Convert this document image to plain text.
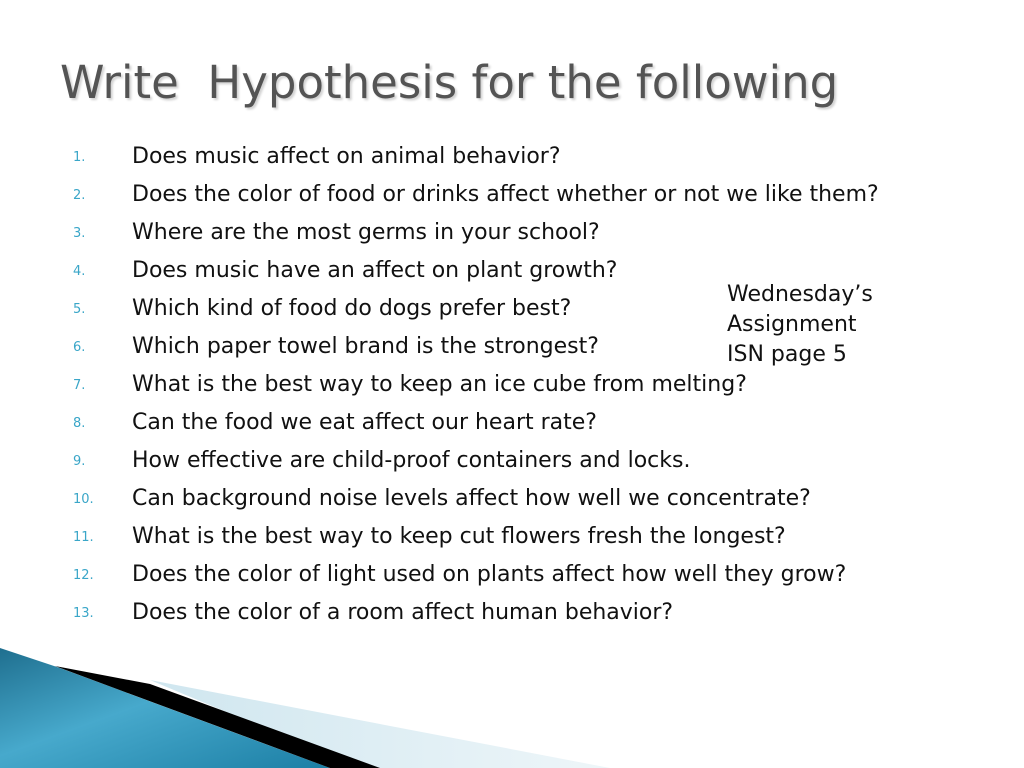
Write  Hypothesis for the following
1. Does music affect on animal behavior?
2. Does the color of food or drinks affect whether or not we like them?
3. Where are the most germs in your school?
4. Does music have an affect on plant growth?
5. Which kind of food do dogs prefer best?
6. Which paper towel brand is the strongest?
7. What is the best way to keep an ice cube from melting?
8. Can the food we eat affect our heart rate?
9. How effective are child-proof containers and locks.
10. Can background noise levels affect how well we concentrate?
11. What is the best way to keep cut flowers fresh the longest?
12. Does the color of light used on plants affect how well they grow?
13. Does the color of a room affect human behavior?
Wednesday’s
Assignment
ISN page 5
